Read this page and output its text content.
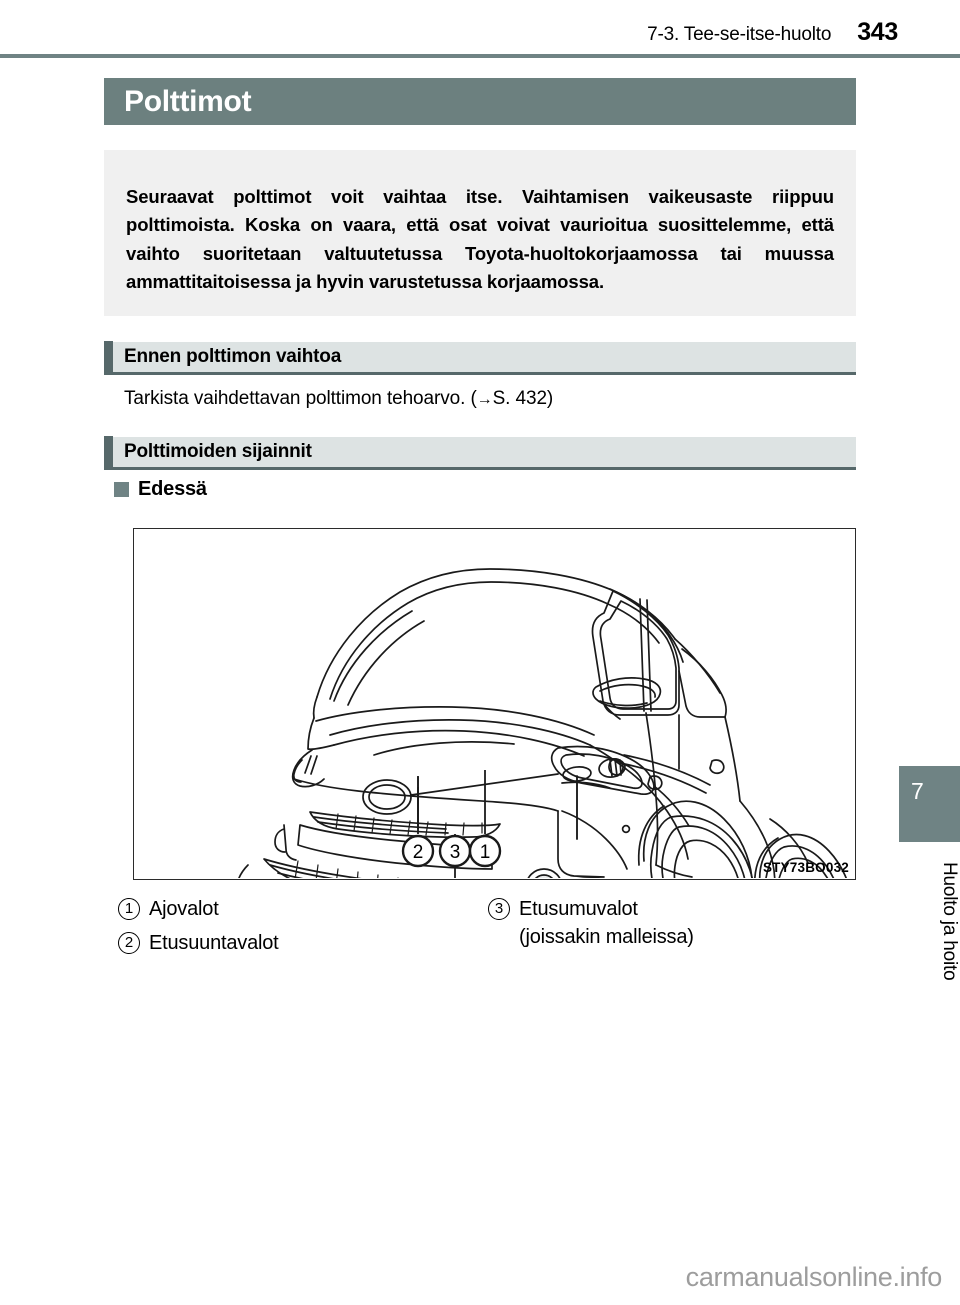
7-3. Tee-se-itse-huolto 343
Polttimot

Seuraavat polttimot voit vaihtaa itse. Vaihtamisen vaikeusaste riippuu polttimoista. Koska on vaara, että osat voivat vaurioitua suosittelemme, että vaihto suoritetaan valtuutetussa Toyota-huoltokorjaamossa tai muussa ammattitaitoisessa ja hyvin varustetussa korjaamossa.

Ennen polttimon vaihtoa
Tarkista vaihdettavan polttimon tehoarvo. (→S. 432)
Polttimoiden sijainnit
Edessä
2 3 1
STY73BO032
1 Ajovalot
2 Etusuuntavalot
3 Etusumuvalot
(joissakin malleissa)
7
Huolto ja hoito
carmanualsonline.info
